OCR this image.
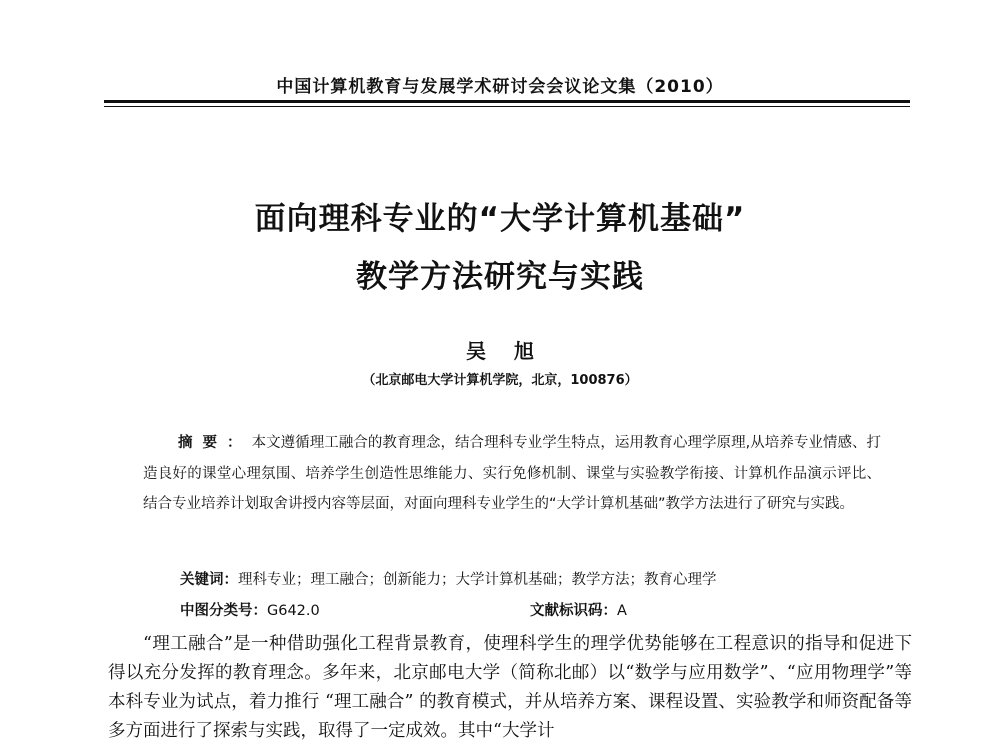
中国计算机教育与发展学术研讨会会议论文集（2010）
面向理科专业的“大学计算机基础”
教学方法研究与实践
吴旭
（北京邮电大学计算机学院，北京，100876）
摘要：本文遵循理工融合的教育理念，结合理科专业学生特点，运用教育心理学原理,从培养专业情感、打造良好的课堂心理氛围、培养学生创造性思维能力、实行免修机制、课堂与实验教学衔接、计算机作品演示评比、结合专业培养计划取舍讲授内容等层面，对面向理科专业学生的“大学计算机基础”教学方法进行了研究与实践。
关键词：理科专业；理工融合；创新能力；大学计算机基础；教学方法；教育心理学
中图分类号：G642.0	文献标识码：A
“理工融合”是一种借助强化工程背景教育，使理科学生的理学优势能够在工程意识的指导和促进下得以充分发挥的教育理念。多年来，北京邮电大学（简称北邮）以“数学与应用数学”、“应用物理学”等本科专业为试点，着力推行 “理工融合” 的教育模式，并从培养方案、课程设置、实验教学和师资配备等多方面进行了探索与实践，取得了一定成效。其中“大学计
